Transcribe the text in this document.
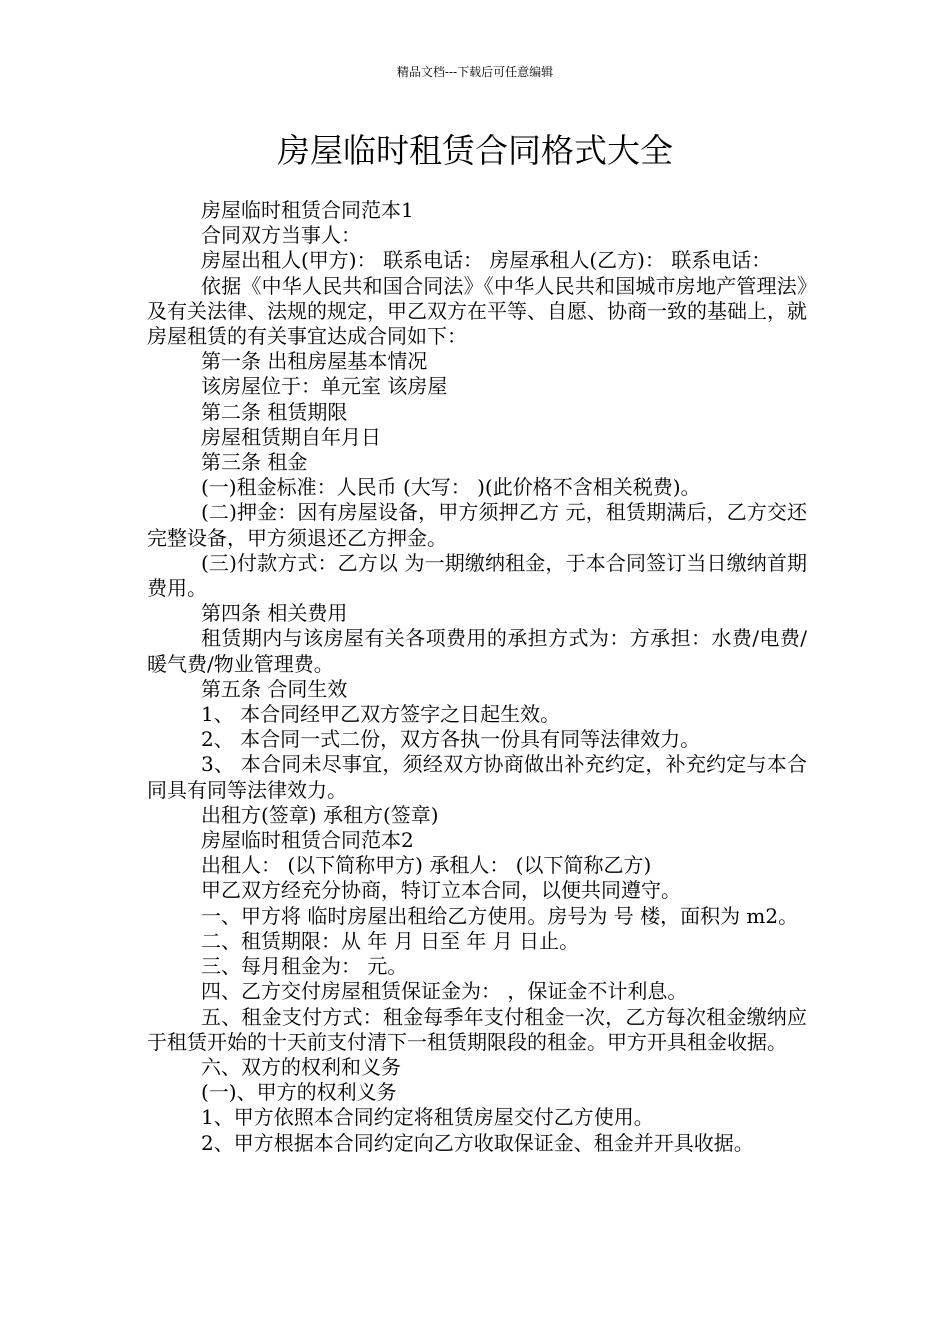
精品文档---下载后可任意编辑
房屋临时租赁合同格式大全

房屋临时租赁合同范本1

合同双方当事人：

房屋出租人(甲方)： 联系电话： 房屋承租人(乙方)： 联系电话：

依据《中华人民共和国合同法》《中华人民共和国城市房地产管理法》及有关法律、法规的规定，甲乙双方在平等、自愿、协商一致的基础上，就房屋租赁的有关事宜达成合同如下：

第一条 出租房屋基本情况

该房屋位于：单元室 该房屋

第二条 租赁期限

房屋租赁期自年月日

第三条 租金

(一)租金标准：人民币 (大写： )(此价格不含相关税费)。

(二)押金：因有房屋设备，甲方须押乙方 元，租赁期满后，乙方交还完整设备，甲方须退还乙方押金。

(三)付款方式：乙方以 为一期缴纳租金，于本合同签订当日缴纳首期费用。

第四条 相关费用

租赁期内与该房屋有关各项费用的承担方式为：方承担：水费/电费/暖气费/物业管理费。

第五条 合同生效

1、 本合同经甲乙双方签字之日起生效。

2、 本合同一式二份，双方各执一份具有同等法律效力。

3、 本合同未尽事宜，须经双方协商做出补充约定，补充约定与本合同具有同等法律效力。

出租方(签章) 承租方(签章)

房屋临时租赁合同范本2

出租人： (以下简称甲方) 承租人： (以下简称乙方)

甲乙双方经充分协商，特订立本合同，以便共同遵守。

一、甲方将 临时房屋出租给乙方使用。房号为 号 楼，面积为 m2。

二、租赁期限：从 年 月 日至 年 月 日止。

三、每月租金为： 元。

四、乙方交付房屋租赁保证金为： ，保证金不计利息。

五、租金支付方式：租金每季年支付租金一次，乙方每次租金缴纳应于租赁开始的十天前支付清下一租赁期限段的租金。甲方开具租金收据。

六、双方的权利和义务

(一)、甲方的权利义务

1、甲方依照本合同约定将租赁房屋交付乙方使用。

2、甲方根据本合同约定向乙方收取保证金、租金并开具收据。
